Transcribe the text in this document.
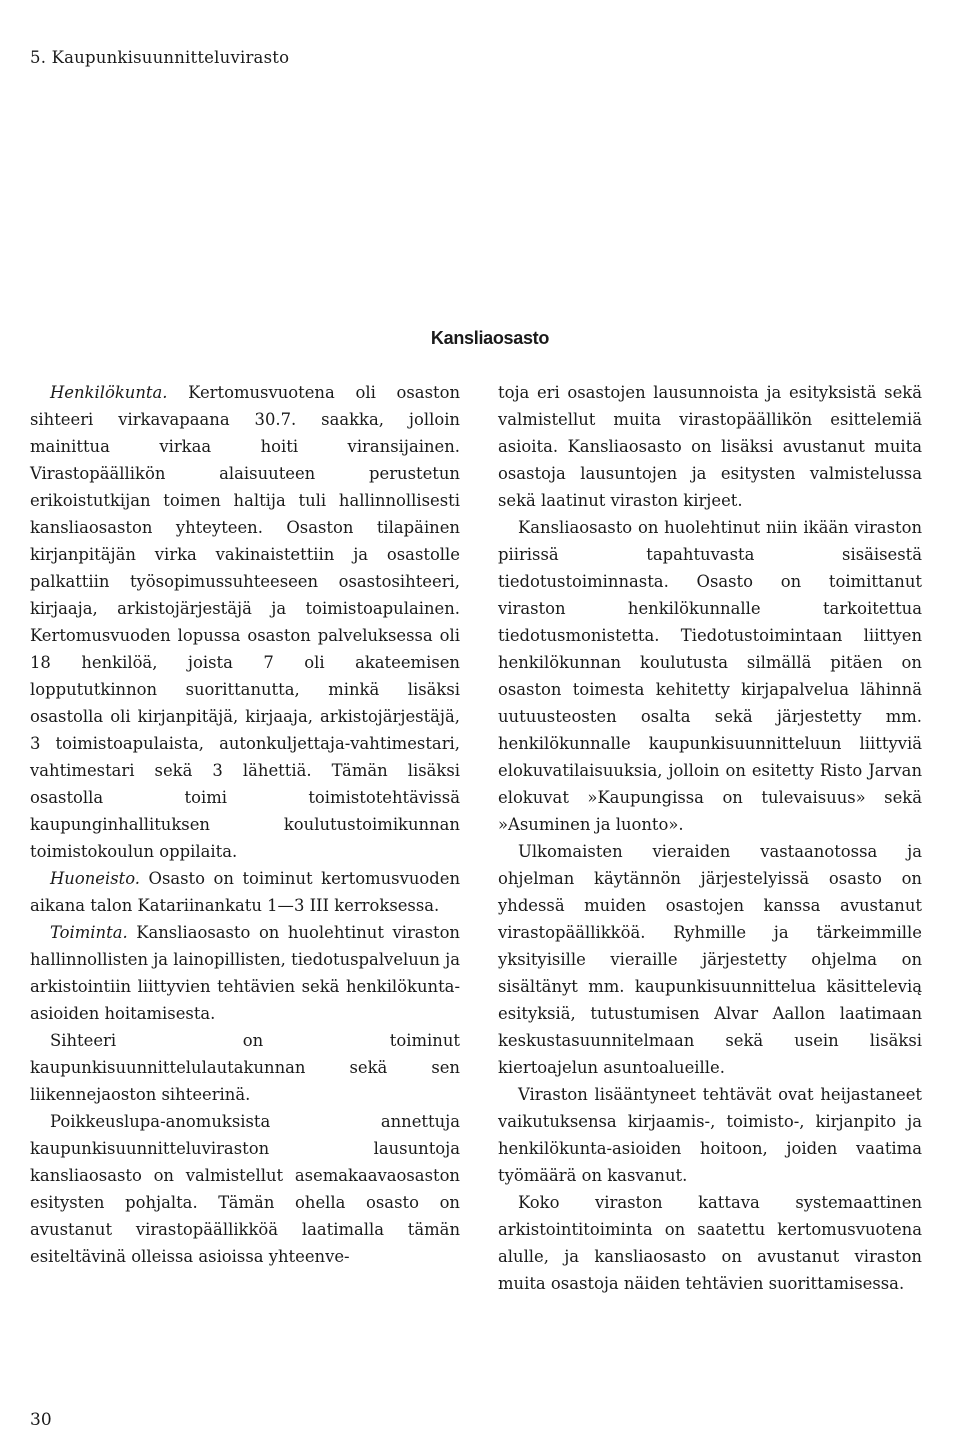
5. Kaupunkisuunnitteluvirasto
Kansliaosasto

Henkilökunta. Kertomusvuotena oli osaston sihteeri virkavapaana 30.7. saakka, jolloin mainittua virkaa hoiti viransijainen. Virastopäällikön alaisuuteen perustetun erikoistutkijan toimen haltija tuli hallinnollisesti kansliaosaston yhteyteen. Osaston tilapäinen kirjanpitäjän virka vakinaistettiin ja osastolle palkattiin työsopimussuhteeseen osastosihteeri, kirjaaja, arkistojärjestäjä ja toimistoapulainen. Kertomusvuoden lopussa osaston palveluksessa oli 18 henkilöä, joista 7 oli akateemisen loppututkinnon suorittanutta, minkä lisäksi osastolla oli kirjanpitäjä, kirjaaja, arkistojärjestäjä, 3 toimistoapulaista, autonkuljettaja-vahtimestari, vahtimestari sekä 3 lähettiä. Tämän lisäksi osastolla toimi toimistotehtävissä kaupunginhallituksen koulutustoimikunnan toimistokoulun oppilaita.

Huoneisto. Osasto on toiminut kertomusvuoden aikana talon Katariinankatu 1—3 III kerroksessa.

Toiminta. Kansliaosasto on huolehtinut viraston hallinnollisten ja lainopillisten, tiedotuspalveluun ja arkistointiin liittyvien tehtävien sekä henkilökunta-asioiden hoitamisesta.

Sihteeri on toiminut kaupunkisuunnittelulautakunnan sekä sen liikennejaoston sihteerinä.

Poikkeuslupa-anomuksista annettuja kaupunkisuunnitteluviraston lausuntoja kansliaosasto on valmistellut asemakaavaosaston esitysten pohjalta. Tämän ohella osasto on avustanut virastopäällikköä laatimalla tämän esiteltävinä olleissa asioissa yhteenve-

toja eri osastojen lausunnoista ja esityksistä sekä valmistellut muita virastopäällikön esittelemiä asioita. Kansliaosasto on lisäksi avustanut muita osastoja lausuntojen ja esitysten valmistelussa sekä laatinut viraston kirjeet.

Kansliaosasto on huolehtinut niin ikään viraston piirissä tapahtuvasta sisäisestä tiedotustoiminnasta. Osasto on toimittanut viraston henkilökunnalle tarkoitettua tiedotusmonistetta. Tiedotustoimintaan liittyen henkilökunnan koulutusta silmällä pitäen on osaston toimesta kehitetty kirjapalvelua lähinnä uutuusteosten osalta sekä järjestetty mm. henkilökunnalle kaupunkisuunnitteluun liittyviä elokuvatilaisuuksia, jolloin on esitetty Risto Jarvan elokuvat »Kaupungissa on tulevaisuus» sekä »Asuminen ja luonto».

Ulkomaisten vieraiden vastaanotossa ja ohjelman käytännön järjestelyissä osasto on yhdessä muiden osastojen kanssa avustanut virastopäällikköä. Ryhmille ja tärkeimmille yksityisille vieraille järjestetty ohjelma on sisältänyt mm. kaupunkisuunnittelua käsittelevią esityksiä, tutustumisen Alvar Aallon laatimaan keskustasuunnitelmaan sekä usein lisäksi kiertoajelun asuntoalueille.

Viraston lisääntyneet tehtävät ovat heijastaneet vaikutuksensa kirjaamis-, toimisto-, kirjanpito ja henkilökunta-asioiden hoitoon, joiden vaatima työmäärä on kasvanut.

Koko viraston kattava systemaattinen arkistointitoiminta on saatettu kertomusvuotena alulle, ja kansliaosasto on avustanut viraston muita osastoja näiden tehtävien suorittamisessa.

30
